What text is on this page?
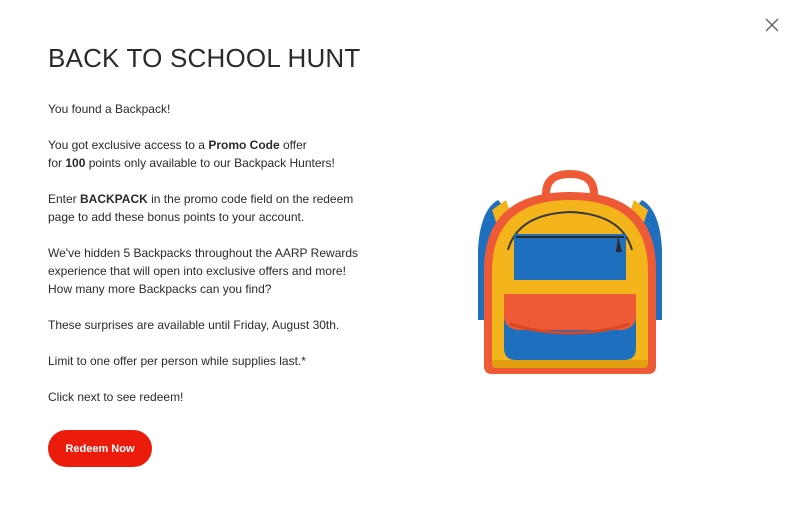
BACK TO SCHOOL HUNT

You found a Backpack!

You got exclusive access to a Promo Code offer
for 100 points only available to our Backpack Hunters!

Enter BACKPACK in the promo code field on the redeem
page to add these bonus points to your account.

We've hidden 5 Backpacks throughout the AARP Rewards
experience that will open into exclusive offers and more!
How many more Backpacks can you find?

These surprises are available until Friday, August 30th.

Limit to one offer per person while supplies last.*

Click next to see redeem!

Redeem Now
